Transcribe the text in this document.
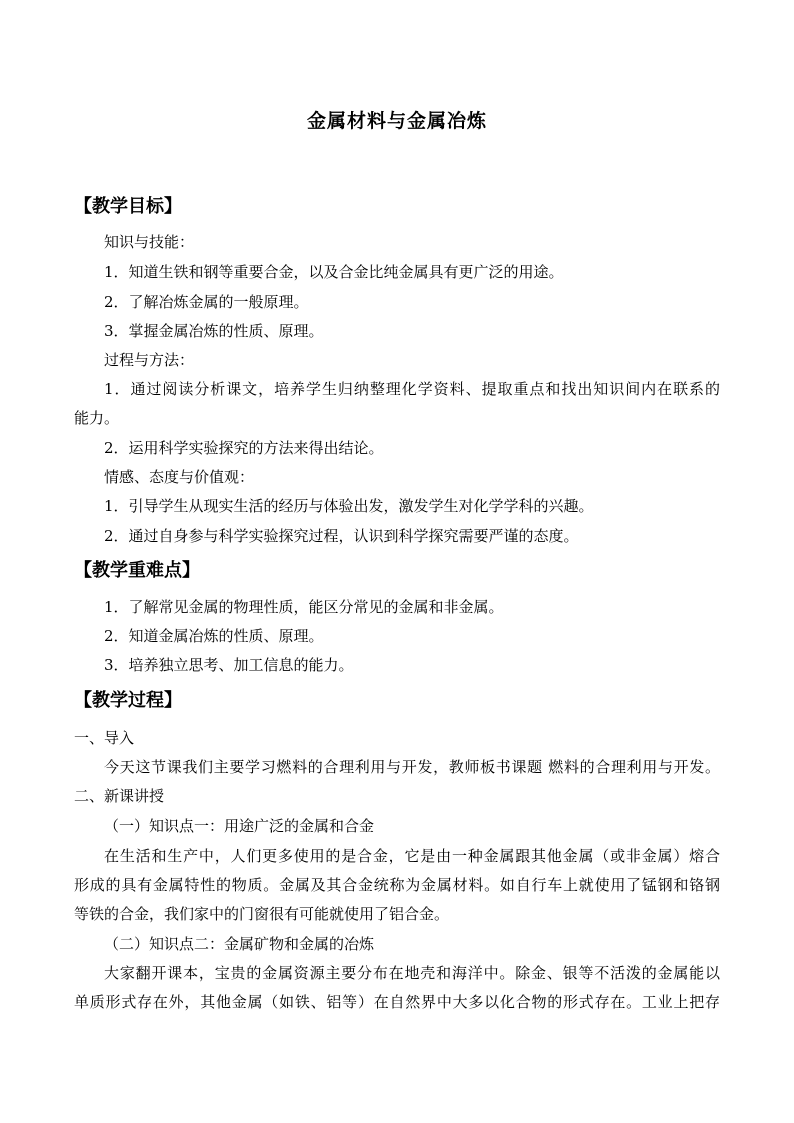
金属材料与金属冶炼
【教学目标】
知识与技能：
1．知道生铁和钢等重要合金，以及合金比纯金属具有更广泛的用途。
2．了解冶炼金属的一般原理。
3．掌握金属冶炼的性质、原理。
过程与方法：
1．通过阅读分析课文，培养学生归纳整理化学资料、提取重点和找出知识间内在联系的
能力。
2．运用科学实验探究的方法来得出结论。
情感、态度与价值观：
1．引导学生从现实生活的经历与体验出发，激发学生对化学学科的兴趣。
2．通过自身参与科学实验探究过程，认识到科学探究需要严谨的态度。
【教学重难点】
1．了解常见金属的物理性质，能区分常见的金属和非金属。
2．知道金属冶炼的性质、原理。
3．培养独立思考、加工信息的能力。
【教学过程】
一、导入
今天这节课我们主要学习燃料的合理利用与开发，教师板书课题 燃料的合理利用与开发。
二、新课讲授
（一）知识点一：用途广泛的金属和合金
在生活和生产中，人们更多使用的是合金，它是由一种金属跟其他金属（或非金属）熔合
形成的具有金属特性的物质。金属及其合金统称为金属材料。如自行车上就使用了锰钢和铬钢
等铁的合金，我们家中的门窗很有可能就使用了铝合金。
（二）知识点二：金属矿物和金属的冶炼
大家翻开课本，宝贵的金属资源主要分布在地壳和海洋中。除金、银等不活泼的金属能以
单质形式存在外，其他金属（如铁、铝等）在自然界中大多以化合物的形式存在。工业上把存
